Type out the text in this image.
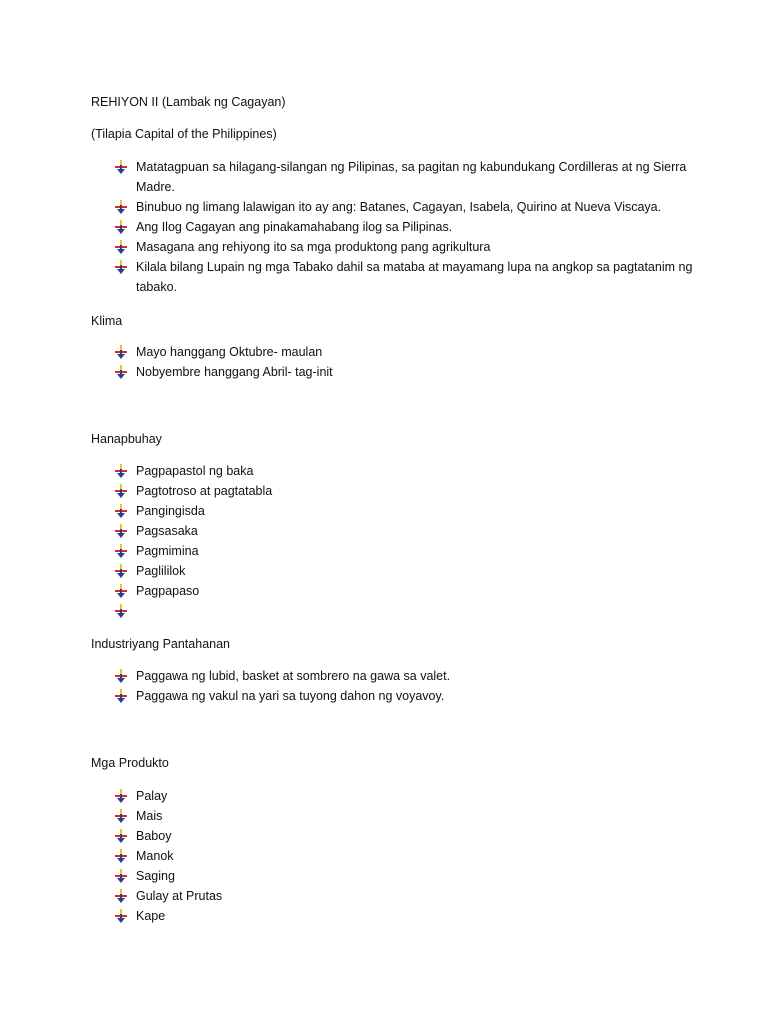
REHIYON II (Lambak ng Cagayan)

(Tilapia Capital of the Philippines)

Matatagpuan sa hilagang-silangan ng Pilipinas, sa pagitan ng kabundukang Cordilleras at ng Sierra Madre.
Binubuo ng limang lalawigan ito ay ang: Batanes, Cagayan, Isabela, Quirino at Nueva Viscaya.
Ang Ilog Cagayan ang pinakamahabang ilog sa Pilipinas.
Masagana ang rehiyong ito sa mga produktong pang agrikultura
Kilala bilang Lupain ng mga Tabako dahil sa mataba at mayamang lupa na angkop sa pagtatanim ng tabako.
Klima
Mayo hanggang Oktubre- maulan
Nobyembre hanggang Abril- tag-init
Hanapbuhay
Pagpapastol ng baka
Pagtotroso at pagtatabla
Pangingisda
Pagsasaka
Pagmimina
Paglililok
Pagpapaso
Industriyang Pantahanan
Paggawa ng lubid, basket at sombrero na gawa sa valet.
Paggawa ng vakul na yari sa tuyong dahon ng voyavoy.
Mga Produkto
Palay
Mais
Baboy
Manok
Saging
Gulay at Prutas
Kape
